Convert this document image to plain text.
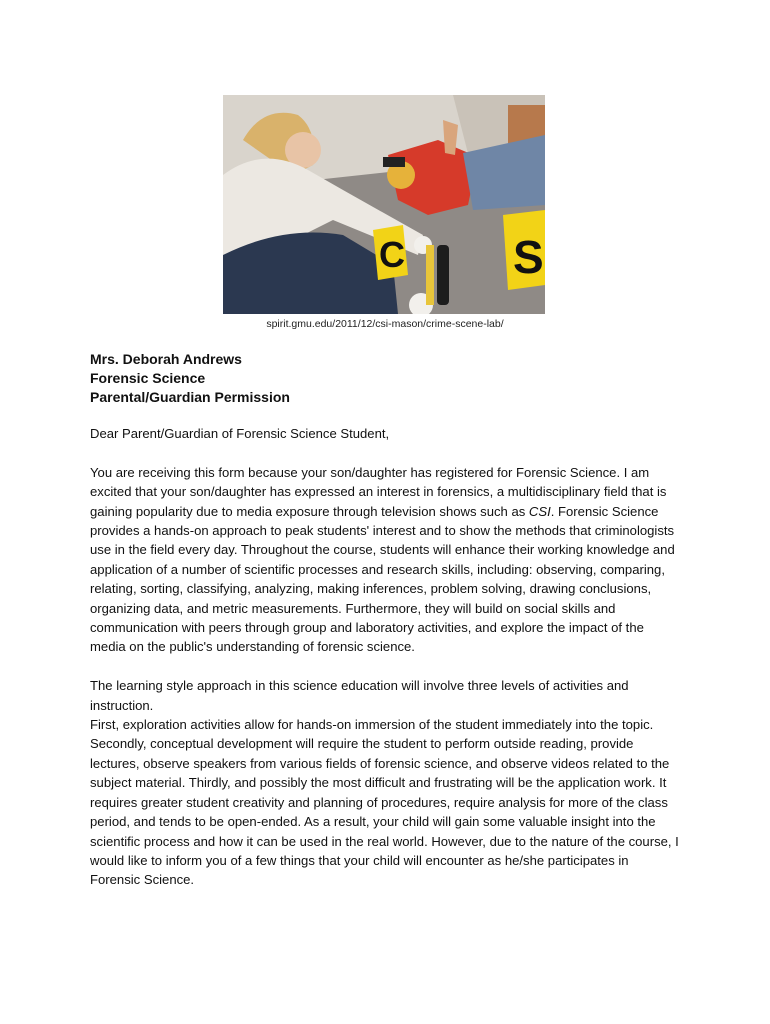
C S
spirit.gmu.edu/2011/12/csi-mason/crime-scene-lab/
Mrs. Deborah Andrews
Forensic Science
Parental/Guardian Permission

Dear Parent/Guardian of Forensic Science Student,

You are receiving this form because your son/daughter has registered for Forensic Science. I am excited that your son/daughter has expressed an interest in forensics, a multidisciplinary field that is gaining popularity due to media exposure through television shows such as CSI. Forensic Science provides a hands-on approach to peak students' interest and to show the methods that criminologists use in the field every day. Throughout the course, students will enhance their working knowledge and application of a number of scientific processes and research skills, including: observing, comparing, relating, sorting, classifying, analyzing, making inferences, problem solving, drawing conclusions, organizing data, and metric measurements. Furthermore, they will build on social skills and communication with peers through group and laboratory activities, and explore the impact of the media on the public's understanding of forensic science.

The learning style approach in this science education will involve three levels of activities and instruction.

First, exploration activities allow for hands-on immersion of the student immediately into the topic. Secondly, conceptual development will require the student to perform outside reading, provide lectures, observe speakers from various fields of forensic science, and observe videos related to the subject material. Thirdly, and possibly the most difficult and frustrating will be the application work. It requires greater student creativity and planning of procedures, require analysis for more of the class period, and tends to be open-ended. As a result, your child will gain some valuable insight into the scientific process and how it can be used in the real world. However, due to the nature of the course, I would like to inform you of a few things that your child will encounter as he/she participates in Forensic Science.
